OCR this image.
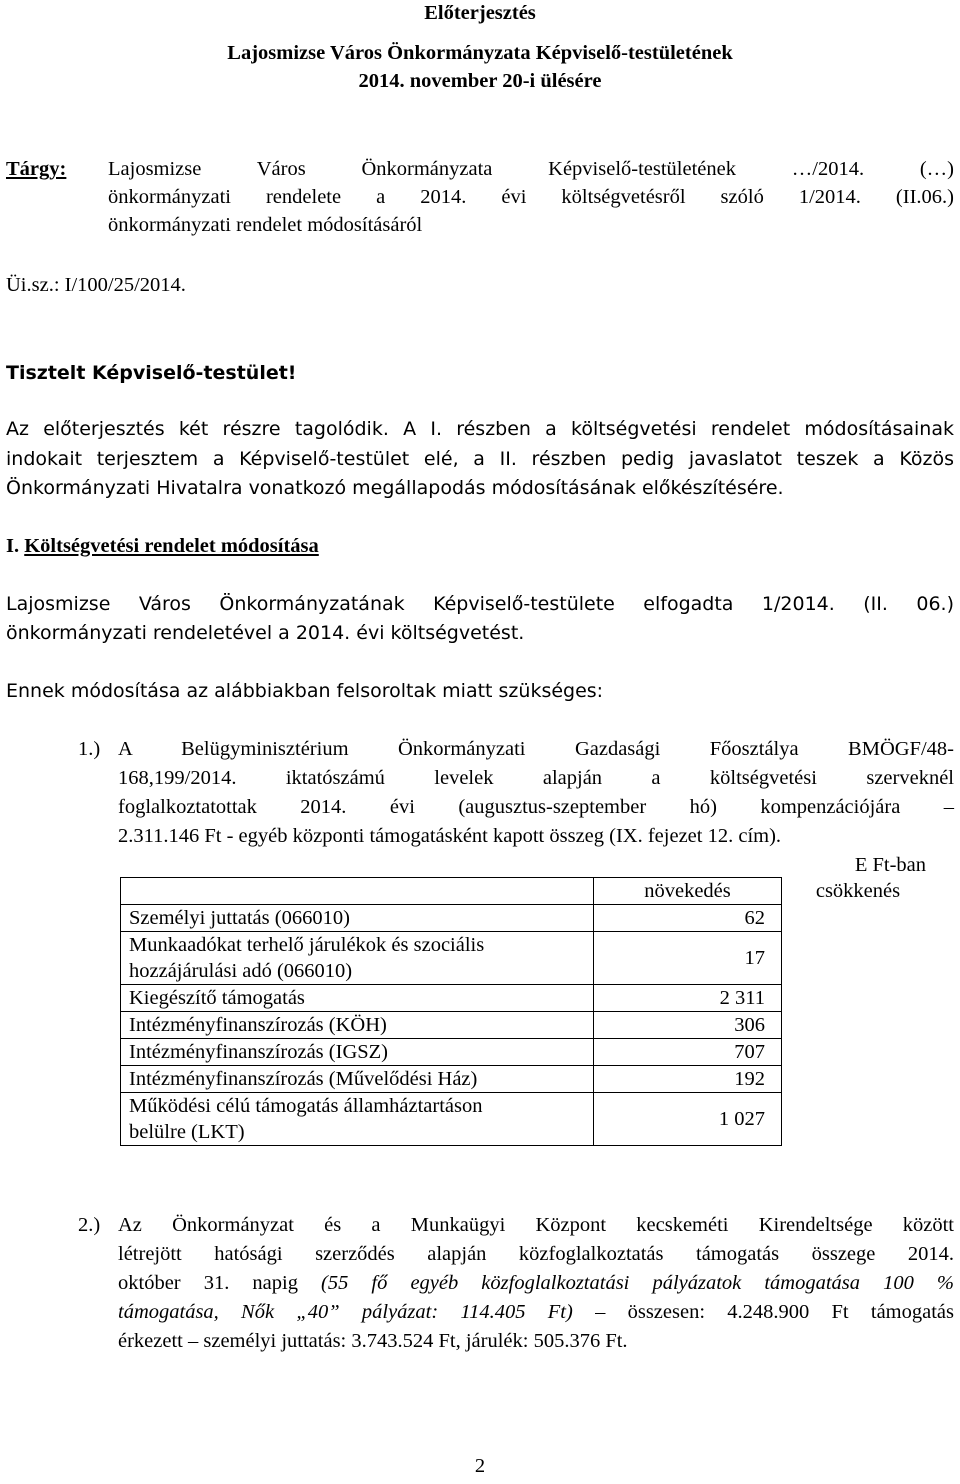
Előterjesztés
Lajosmizse Város Önkormányzata Képviselő-testületének
2014. november 20-i ülésére
Tárgy: Lajosmizse Város Önkormányzata Képviselő-testületének …/2014. (…)
önkormányzati rendelete a 2014. évi költségvetésről szóló 1/2014. (II.06.)
önkormányzati rendelet módosításáról
Üi.sz.: I/100/25/2014.
Tisztelt Képviselő-testület!
Az előterjesztés két részre tagolódik. A I. részben a költségvetési rendelet módosításainak
indokait terjesztem a Képviselő-testület elé, a II. részben pedig javaslatot teszek a Közös
Önkormányzati Hivatalra vonatkozó megállapodás módosításának előkészítésére.
I. Költségvetési rendelet módosítása
Lajosmizse Város Önkormányzatának Képviselő-testülete elfogadta 1/2014. (II. 06.)
önkormányzati rendeletével a 2014. évi költségvetést.
Ennek módosítása az alábbiakban felsoroltak miatt szükséges:
1.) A Belügyminisztérium Önkormányzati Gazdasági Főosztálya BMÖGF/48-
168,199/2014. iktatószámú levelek alapján a költségvetési szerveknél
foglalkoztatottak 2014. évi (augusztus-szeptember hó) kompenzációjára –
2.311.146 Ft - egyéb központi támogatásként kapott összeg (IX. fejezet 12. cím).
E Ft-ban
	növekedés	csökkenés
Személyi juttatás (066010)	62	

Munkaadókat terhelő járulékok és szociális
hozzájárulási adó (066010)	17	
Kiegészítő támogatás	2 311	
Intézményfinanszírozás (KÖH)	306	
Intézményfinanszírozás (IGSZ)	707	
Intézményfinanszírozás (Művelődési Ház)	192	

Működési célú támogatás államháztartáson
belülre (LKT)	1 027	
2.) Az Önkormányzat és a Munkaügyi Központ kecskeméti Kirendeltsége között
létrejött hatósági szerződés alapján közfoglalkoztatás támogatás összege 2014.
október 31. napig (55 fő egyéb közfoglalkoztatási pályázatok támogatása 100 %
támogatása, Nők „40” pályázat: 114.405 Ft) – összesen: 4.248.900 Ft támogatás
érkezett – személyi juttatás: 3.743.524 Ft, járulék: 505.376 Ft.
2
